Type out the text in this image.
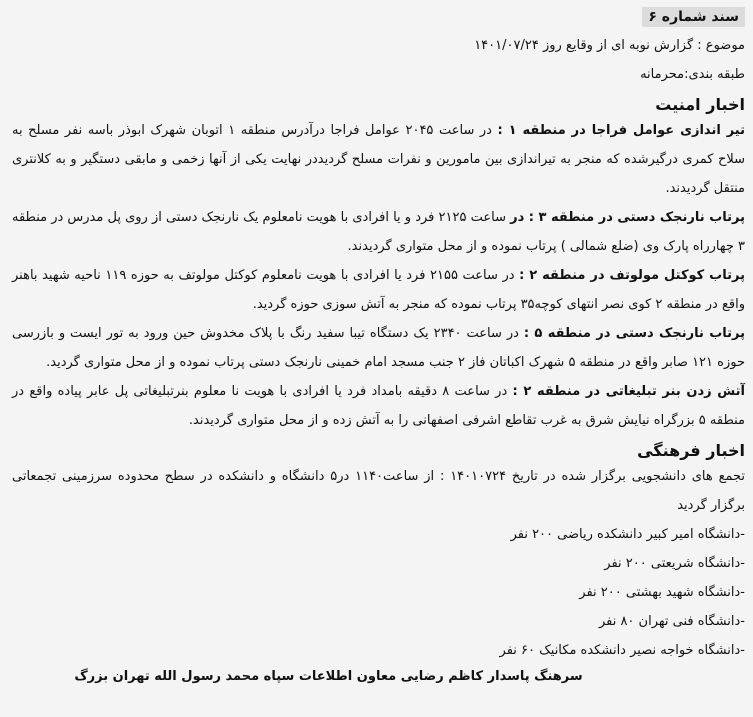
سند شماره ۶
موضوع : گزارش نوبه ای از وقایع روز ۱۴۰۱/۰۷/۲۴
طبقه بندی:محرمانه
اخبار امنیت
تیر اندازی عوامل فراجا در منطقه ۱ : در ساعت ۲۰۴۵ عوامل فراجا درآدرس منطقه ۱ اتوبان شهرک ابوذر باسه نفر مسلح به سلاح کمری درگیرشده که منجر به تیراندازی بین مامورین و نفرات مسلح گردیددر نهایت یکی از آنها زخمی و مابقی دستگیر و به کلانتری منتقل گردیدند.
پرتاب نارنجک دستی در منطقه ۳ : در ساعت ۲۱۲۵ فرد و یا افرادی با هویت نامعلوم یک نارنجک دستی از روی پل مدرس در منطقه ۳ چهارراه پارک وی (ضلع شمالی ) پرتاب نموده و از محل متواری گردیدند.
پرتاب کوکتل مولوتف در منطقه ۲ : در ساعت ۲۱۵۵ فرد یا افرادی با هویت نامعلوم کوکتل مولوتف به حوزه ۱۱۹ ناحیه شهید باهنر واقع در منطقه ۲ کوی نصر انتهای کوچه۳۵ پرتاب نموده که منجر به آتش سوزی حوزه گردید.
پرتاب نارنجک دستی در منطقه ۵ : در ساعت ۲۳۴۰ یک دستگاه تیبا سفید رنگ با پلاک مخدوش حین ورود به تور ایست و بازرسی حوزه ۱۲۱ صابر واقع در منطقه ۵ شهرک اکباتان فاز ۲ جنب مسجد امام خمینی نارنجک دستی پرتاب نموده و از محل متواری گردید.
آتش زدن بنر تبلیغاتی در منطقه ۲ : در ساعت ۸ دقیقه بامداد فرد یا افرادی با هویت نا معلوم بنرتبلیغاتی پل عابر پیاده واقع در منطقه ۵ بزرگراه نیایش شرق به غرب تقاطع اشرفی اصفهانی را به آتش زده و از محل متواری گردیدند.
اخبار فرهنگی
تجمع های دانشجویی برگزار شده در تاریخ ۱۴۰۱۰۷۲۴ : از ساعت۱۱۴۰ در۵ دانشگاه و دانشکده در سطح محدوده سرزمینی تجمعاتی برگزار گردید
-دانشگاه امیر کبیر دانشکده ریاضی ۲۰۰ نفر
-دانشگاه شریعتی ۲۰۰ نفر
-دانشگاه شهید بهشتی ۲۰۰ نفر
-دانشگاه فنی تهران ۸۰ نفر
-دانشگاه خواجه نصیر دانشکده مکانیک ۶۰ نفر
سرهنگ پاسدار کاظم رضایی معاون اطلاعات سپاه محمد رسول الله تهران بزرگ
